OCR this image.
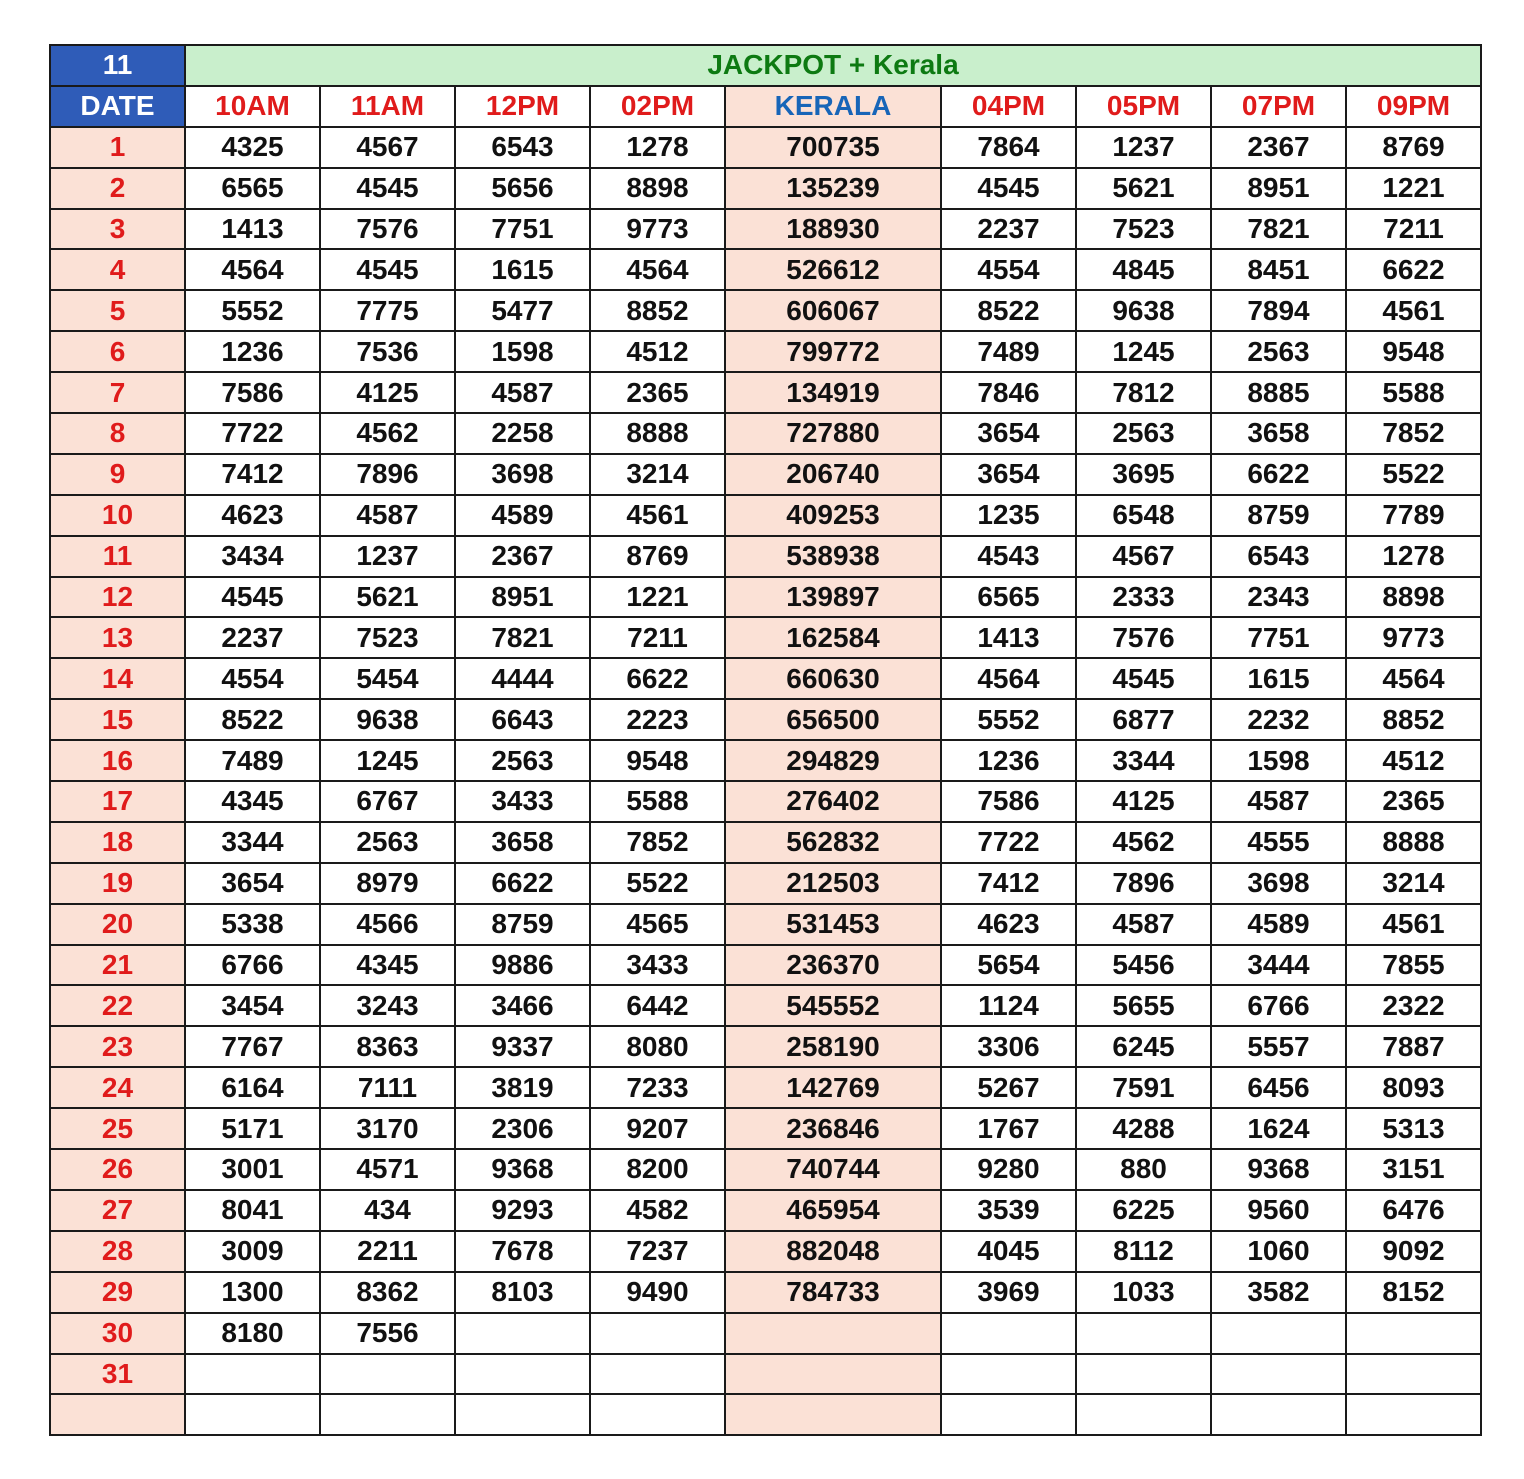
11	JACKPOT + Kerala								
DATE	10AM	11AM	12PM	02PM	KERALA	04PM	05PM	07PM	09PM
1	4325	4567	6543	1278	700735	7864	1237	2367	8769
2	6565	4545	5656	8898	135239	4545	5621	8951	1221
3	1413	7576	7751	9773	188930	2237	7523	7821	7211
4	4564	4545	1615	4564	526612	4554	4845	8451	6622
5	5552	7775	5477	8852	606067	8522	9638	7894	4561
6	1236	7536	1598	4512	799772	7489	1245	2563	9548
7	7586	4125	4587	2365	134919	7846	7812	8885	5588
8	7722	4562	2258	8888	727880	3654	2563	3658	7852
9	7412	7896	3698	3214	206740	3654	3695	6622	5522
10	4623	4587	4589	4561	409253	1235	6548	8759	7789
11	3434	1237	2367	8769	538938	4543	4567	6543	1278
12	4545	5621	8951	1221	139897	6565	2333	2343	8898
13	2237	7523	7821	7211	162584	1413	7576	7751	9773
14	4554	5454	4444	6622	660630	4564	4545	1615	4564
15	8522	9638	6643	2223	656500	5552	6877	2232	8852
16	7489	1245	2563	9548	294829	1236	3344	1598	4512
17	4345	6767	3433	5588	276402	7586	4125	4587	2365
18	3344	2563	3658	7852	562832	7722	4562	4555	8888
19	3654	8979	6622	5522	212503	7412	7896	3698	3214
20	5338	4566	8759	4565	531453	4623	4587	4589	4561
21	6766	4345	9886	3433	236370	5654	5456	3444	7855
22	3454	3243	3466	6442	545552	1124	5655	6766	2322
23	7767	8363	9337	8080	258190	3306	6245	5557	7887
24	6164	7111	3819	7233	142769	5267	7591	6456	8093
25	5171	3170	2306	9207	236846	1767	4288	1624	5313
26	3001	4571	9368	8200	740744	9280	880	9368	3151
27	8041	434	9293	4582	465954	3539	6225	9560	6476
28	3009	2211	7678	7237	882048	4045	8112	1060	9092
29	1300	8362	8103	9490	784733	3969	1033	3582	8152
30	8180	7556							
31									
